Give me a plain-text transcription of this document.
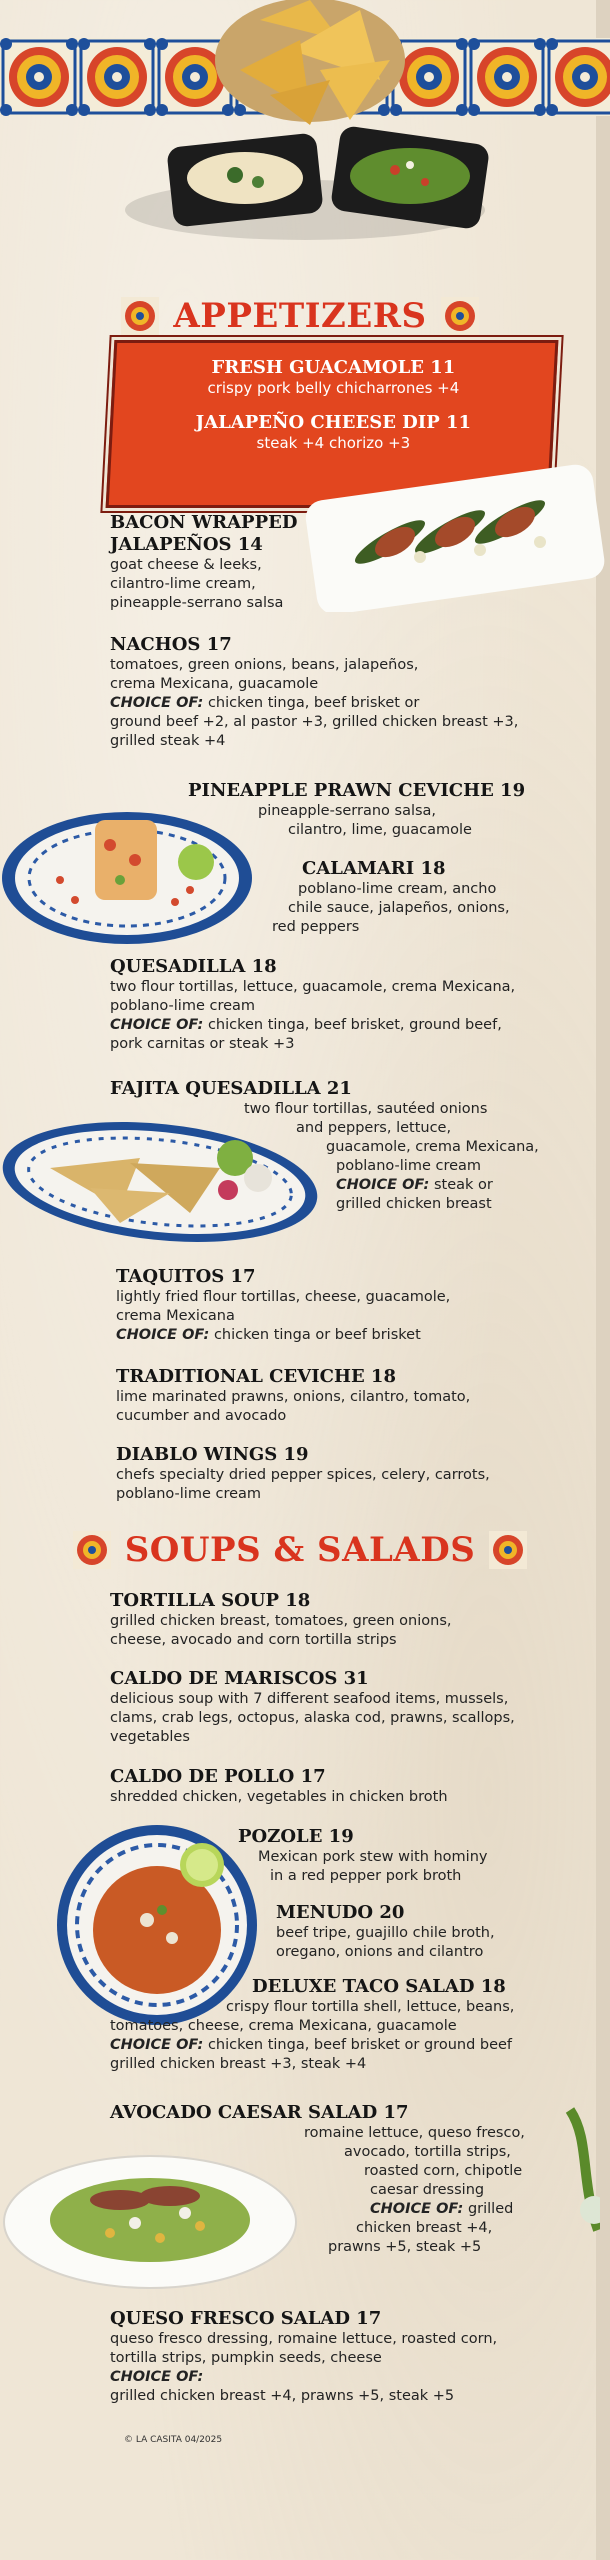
APPETIZERS
FRESH GUACAMOLE 11
crispy pork belly chicharrones +4
JALAPEÑO CHEESE DIP 11
steak +4 chorizo +3
BACON WRAPPED
JALAPEÑOS 14
goat cheese & leeks,
cilantro-lime cream,
pineapple-serrano salsa
NACHOS 17
tomatoes, green onions, beans, jalapeños,
crema Mexicana, guacamole
CHOICE OF: chicken tinga, beef brisket or
ground beef +2, al pastor +3, grilled chicken breast +3,
grilled steak +4
PINEAPPLE PRAWN CEVICHE 19
pineapple-serrano salsa,
cilantro, lime, guacamole
CALAMARI 18
poblano-lime cream, ancho
chile sauce, jalapeños, onions,
red peppers
QUESADILLA 18
two flour tortillas, lettuce, guacamole, crema Mexicana,
poblano-lime cream
CHOICE OF: chicken tinga, beef brisket, ground beef,
pork carnitas or steak +3
FAJITA QUESADILLA 21
two flour tortillas, sautéed onions
and peppers, lettuce,
guacamole, crema Mexicana,
poblano-lime cream
CHOICE OF: steak or
grilled chicken breast
TAQUITOS 17
lightly fried flour tortillas, cheese, guacamole,
crema Mexicana
CHOICE OF: chicken tinga or beef brisket
TRADITIONAL CEVICHE 18
lime marinated prawns, onions, cilantro, tomato,
cucumber and avocado
DIABLO WINGS 19
chefs specialty dried pepper spices, celery, carrots,
poblano-lime cream
SOUPS & SALADS
TORTILLA SOUP 18
grilled chicken breast, tomatoes, green onions,
cheese, avocado and corn tortilla strips
CALDO DE MARISCOS 31
delicious soup with 7 different seafood items, mussels,
clams, crab legs, octopus, alaska cod, prawns, scallops,
vegetables
CALDO DE POLLO 17
shredded chicken, vegetables in chicken broth
POZOLE 19
Mexican pork stew with hominy
in a red pepper pork broth
MENUDO 20
beef tripe, guajillo chile broth,
oregano, onions and cilantro
DELUXE TACO SALAD 18
crispy flour tortilla shell, lettuce, beans,
tomatoes, cheese, crema Mexicana, guacamole
CHOICE OF: chicken tinga, beef brisket or ground beef
grilled chicken breast +3, steak +4
AVOCADO CAESAR SALAD 17
romaine lettuce, queso fresco,
avocado, tortilla strips,
roasted corn, chipotle
caesar dressing
CHOICE OF: grilled
chicken breast +4,
prawns +5, steak +5
QUESO FRESCO SALAD 17
queso fresco dressing, romaine lettuce, roasted corn,
tortilla strips, pumpkin seeds, cheese
CHOICE OF:
grilled chicken breast +4, prawns +5, steak +5
© LA CASITA 04/2025
